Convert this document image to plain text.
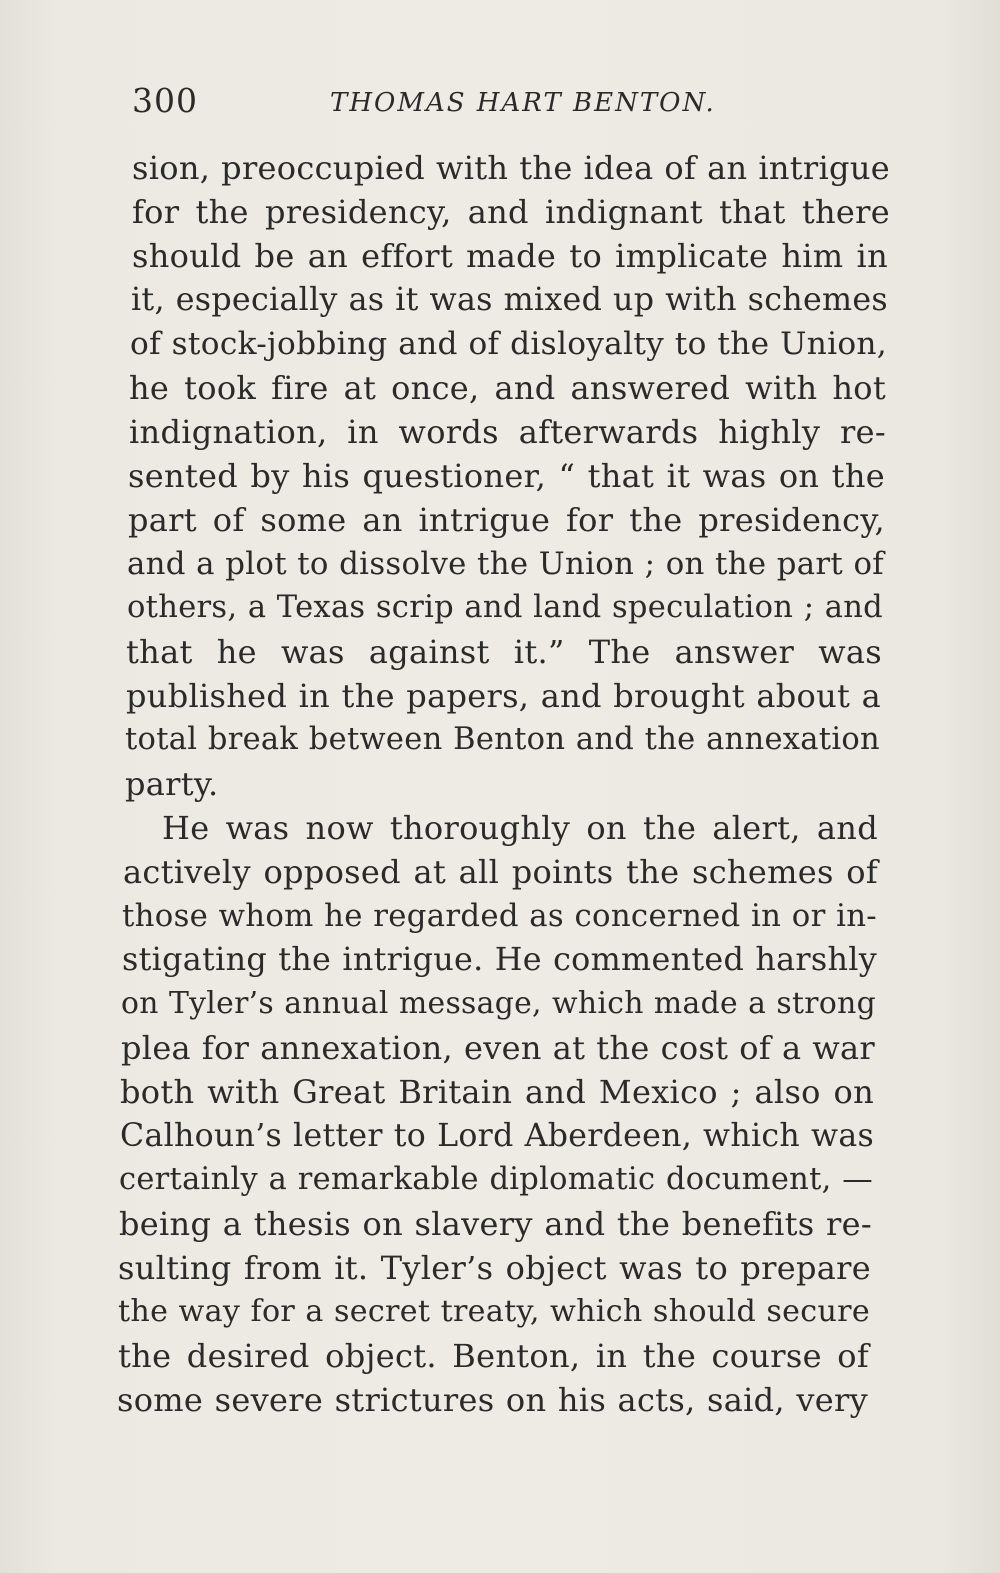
300	THOMAS HART BENTON.
sion, preoccupied with the idea of an intrigue
for the presidency, and indignant that there
should be an effort made to implicate him in
it, especially as it was mixed up with schemes
of stock-jobbing and of disloyalty to the Union,
he took fire at once, and answered with hot
indignation, in words afterwards highly re-
sented by his questioner, “ that it was on the
part of some an intrigue for the presidency,
and a plot to dissolve the Union ; on the part of
others, a Texas scrip and land speculation ; and
that he was against it.” The answer was
published in the papers, and brought about a
total break between Benton and the annexation
party.
He was now thoroughly on the alert, and
actively opposed at all points the schemes of
those whom he regarded as concerned in or in-
stigating the intrigue. He commented harshly
on Tyler’s annual message, which made a strong
plea for annexation, even at the cost of a war
both with Great Britain and Mexico ; also on
Calhoun’s letter to Lord Aberdeen, which was
certainly a remarkable diplomatic document, —
being a thesis on slavery and the benefits re-
sulting from it. Tyler’s object was to prepare
the way for a secret treaty, which should secure
the desired object. Benton, in the course of
some severe strictures on his acts, said, very
